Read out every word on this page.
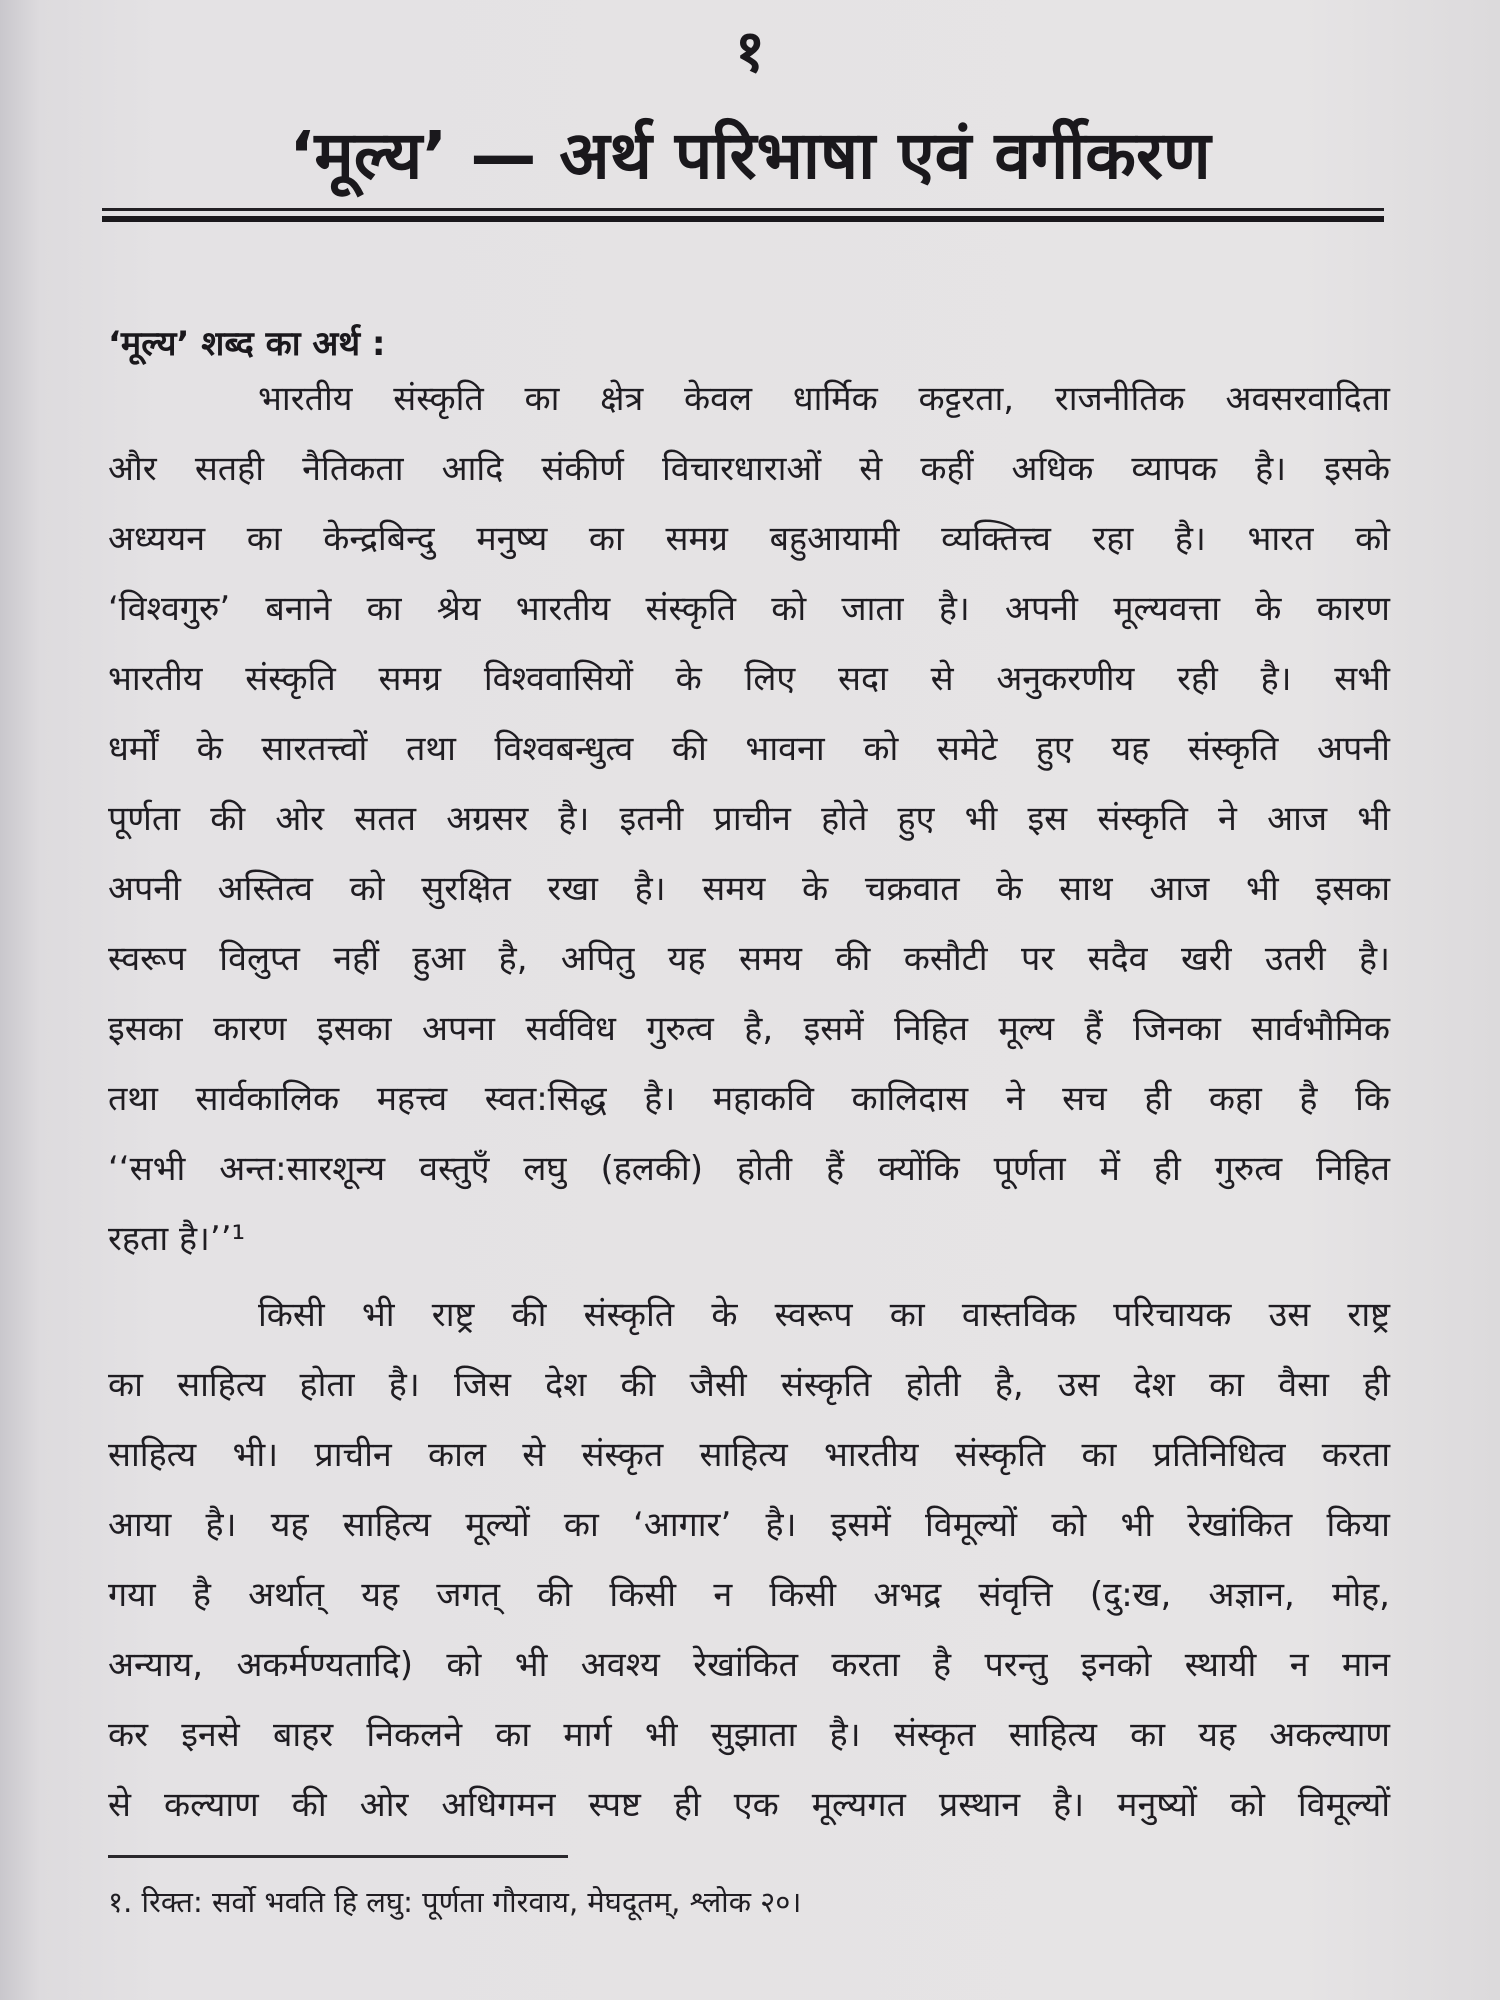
१
‘मूल्य’ — अर्थ परिभाषा एवं वर्गीकरण
‘मूल्य’ शब्द का अर्थ :
भारतीय संस्कृति का क्षेत्र केवल धार्मिक कट्टरता, राजनीतिक अवसरवादिता
और सतही नैतिकता आदि संकीर्ण विचारधाराओं से कहीं अधिक व्यापक है। इसके
अध्ययन का केन्द्रबिन्दु मनुष्य का समग्र बहुआयामी व्यक्तित्त्व रहा है। भारत को
‘विश्वगुरु’ बनाने का श्रेय भारतीय संस्कृति को जाता है। अपनी मूल्यवत्ता के कारण
भारतीय संस्कृति समग्र विश्ववासियों के लिए सदा से अनुकरणीय रही है। सभी
धर्मों के सारतत्त्वों तथा विश्वबन्धुत्व की भावना को समेटे हुए यह संस्कृति अपनी
पूर्णता की ओर सतत अग्रसर है। इतनी प्राचीन होते हुए भी इस संस्कृति ने आज भी
अपनी अस्तित्व को सुरक्षित रखा है। समय के चक्रवात के साथ आज भी इसका
स्वरूप विलुप्त नहीं हुआ है, अपितु यह समय की कसौटी पर सदैव खरी उतरी है।
इसका कारण इसका अपना सर्वविध गुरुत्व है, इसमें निहित मूल्य हैं जिनका सार्वभौमिक
तथा सार्वकालिक महत्त्व स्वत:सिद्ध है। महाकवि कालिदास ने सच ही कहा है कि
‘‘सभी अन्त:सारशून्य वस्तुएँ लघु (हलकी) होती हैं क्योंकि पूर्णता में ही गुरुत्व निहित
रहता है।’’¹
किसी भी राष्ट्र की संस्कृति के स्वरूप का वास्तविक परिचायक उस राष्ट्र
का साहित्य होता है। जिस देश की जैसी संस्कृति होती है, उस देश का वैसा ही
साहित्य भी। प्राचीन काल से संस्कृत साहित्य भारतीय संस्कृति का प्रतिनिधित्व करता
आया है। यह साहित्य मूल्यों का ‘आगार’ है। इसमें विमूल्यों को भी रेखांकित किया
गया है अर्थात् यह जगत् की किसी न किसी अभद्र संवृत्ति (दु:ख, अज्ञान, मोह,
अन्याय, अकर्मण्यतादि) को भी अवश्य रेखांकित करता है परन्तु इनको स्थायी न मान
कर इनसे बाहर निकलने का मार्ग भी सुझाता है। संस्कृत साहित्य का यह अकल्याण
से कल्याण की ओर अधिगमन स्पष्ट ही एक मूल्यगत प्रस्थान है। मनुष्यों को विमूल्यों
१. रिक्त: सर्वो भवति हि लघु: पूर्णता गौरवाय, मेघदूतम्, श्लोक २०।
